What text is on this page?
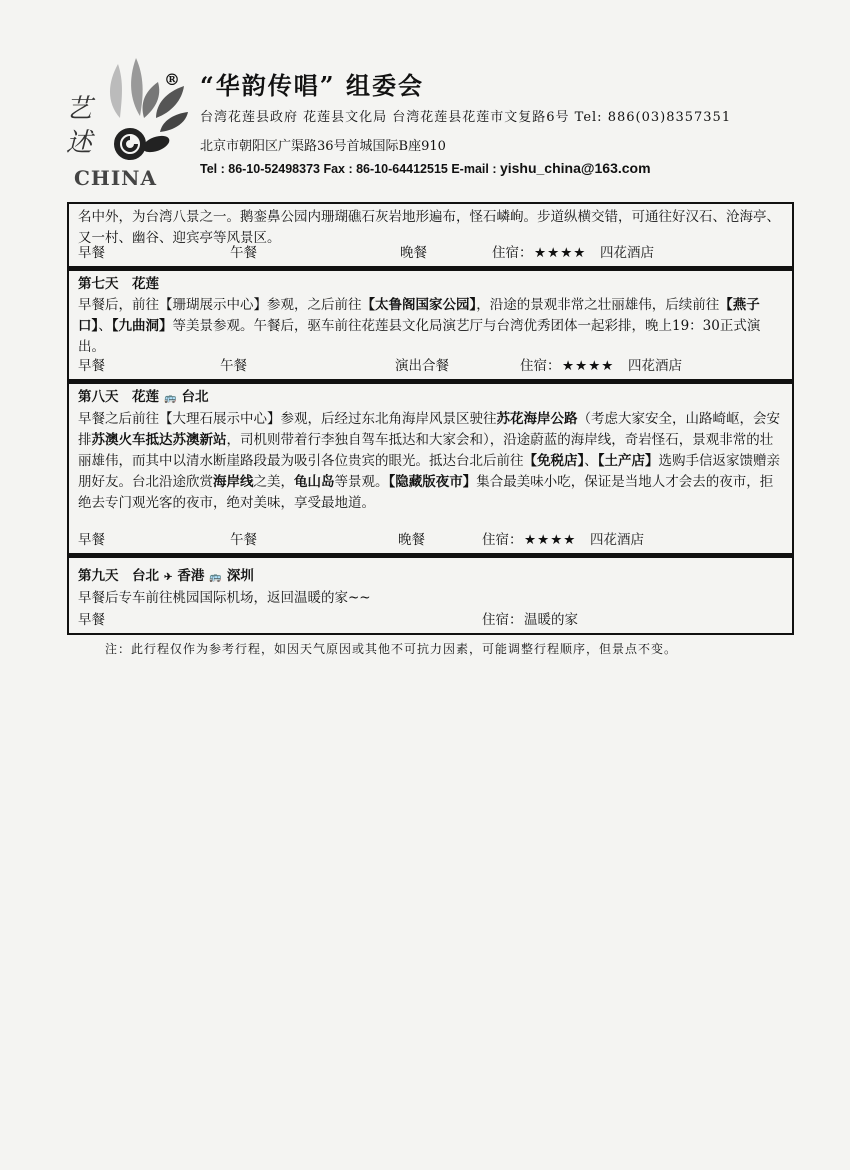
艺述
CHINA
® “华韵传唱” 组委会
台湾花莲县政府 花莲县文化局 台湾花莲县花莲市文复路6号 Tel: 886(03)8357351
北京市朝阳区广渠路36号首城国际B座910
Tel : 86-10-52498373 Fax : 86-10-64412515 E-mail : yishu_china@163.com
名中外，为台湾八景之一。鹅銮鼻公园内珊瑚礁石灰岩地形遍布，怪石嶙峋。步道纵横交错，可通往好汉石、沧海亭、又一村、幽谷、迎宾亭等风景区。
早餐	午餐	晚餐	住宿： ★★★★ 四花酒店
第七天　花莲
早餐后，前往【珊瑚展示中心】参观，之后前往【太鲁阁国家公园】，沿途的景观非常之壮丽雄伟，后续前往【燕子口】、【九曲洞】等美景参观。午餐后，驱车前往花莲县文化局演艺厅与台湾优秀团体一起彩排，晚上19：30正式演出。
早餐	午餐	演出合餐	住宿： ★★★★ 四花酒店
第八天　花莲 🚌 台北
早餐之后前往【大理石展示中心】参观，后经过东北角海岸风景区驶往苏花海岸公路（考虑大家安全，山路崎岖，会安排苏澳火车抵达苏澳新站，司机则带着行李独自驾车抵达和大家会和），沿途蔚蓝的海岸线，奇岩怪石，景观非常的壮丽雄伟，而其中以清水断崖路段最为吸引各位贵宾的眼光。抵达台北后前往【免税店】、【土产店】选购手信返家馈赠亲朋好友。台北沿途欣赏海岸线之美，龟山岛等景观。【隐藏版夜市】集合最美味小吃，保证是当地人才会去的夜市，拒绝去专门观光客的夜市，绝对美味，享受最地道。
早餐	午餐	晚餐	住宿： ★★★★ 四花酒店
第九天　台北 ✈ 香港 🚌 深圳
早餐后专车前往桃园国际机场，返回温暖的家~~
早餐	住宿： 温暖的家
注：此行程仅作为参考行程，如因天气原因或其他不可抗力因素，可能调整行程顺序，但景点不变。
